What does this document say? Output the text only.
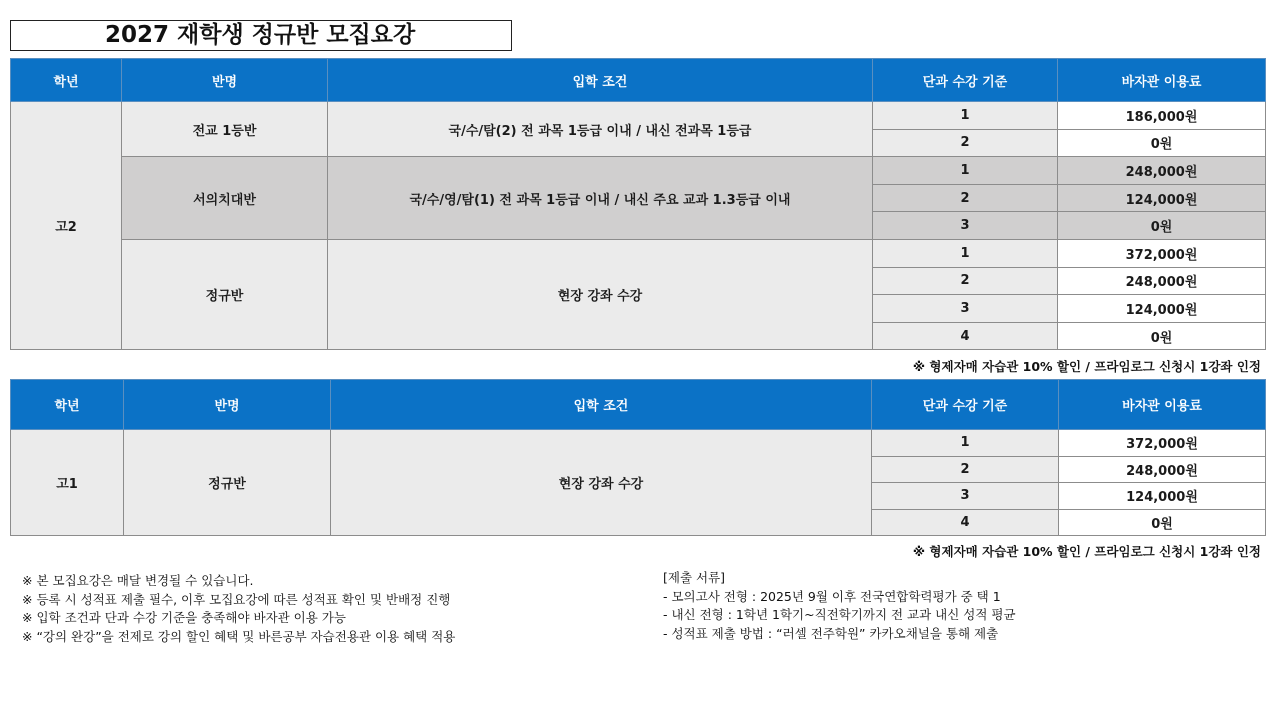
2027 재학생 정규반 모집요강
학년	반명	입학 조건	단과 수강 기준	바자관 이용료
고2	전교 1등반	국/수/탐(2) 전 과목 1등급 이내 / 내신 전과목 1등급	1	186,000원
			2	0원
	서의치대반	국/수/영/탐(1) 전 과목 1등급 이내 / 내신 주요 교과 1.3등급 이내	1	248,000원
			2	124,000원
			3	0원
	정규반	현장 강좌 수강	1	372,000원
			2	248,000원
			3	124,000원
			4	0원
※ 형제자매 자습관 10% 할인 / 프라임로그 신청시 1강좌 인정
학년	반명	입학 조건	단과 수강 기준	바자관 이용료
고1	정규반	현장 강좌 수강	1	372,000원
			2	248,000원
			3	124,000원
			4	0원
※ 형제자매 자습관 10% 할인 / 프라임로그 신청시 1강좌 인정
※ 본 모집요강은 매달 변경될 수 있습니다.
※ 등록 시 성적표 제출 필수, 이후 모집요강에 따른 성적표 확인 및 반배정 진행
※ 입학 조건과 단과 수강 기준을 충족해야 바자관 이용 가능
※ “강의 완강”을 전제로 강의 할인 혜택 및 바른공부 자습전용관 이용 혜택 적용
[제출 서류]
- 모의고사 전형 : 2025년 9월 이후 전국연합학력평가 중 택 1
- 내신 전형 : 1학년 1학기~직전학기까지 전 교과 내신 성적 평균
- 성적표 제출 방법 : “러셀 전주학원” 카카오채널을 통해 제출
